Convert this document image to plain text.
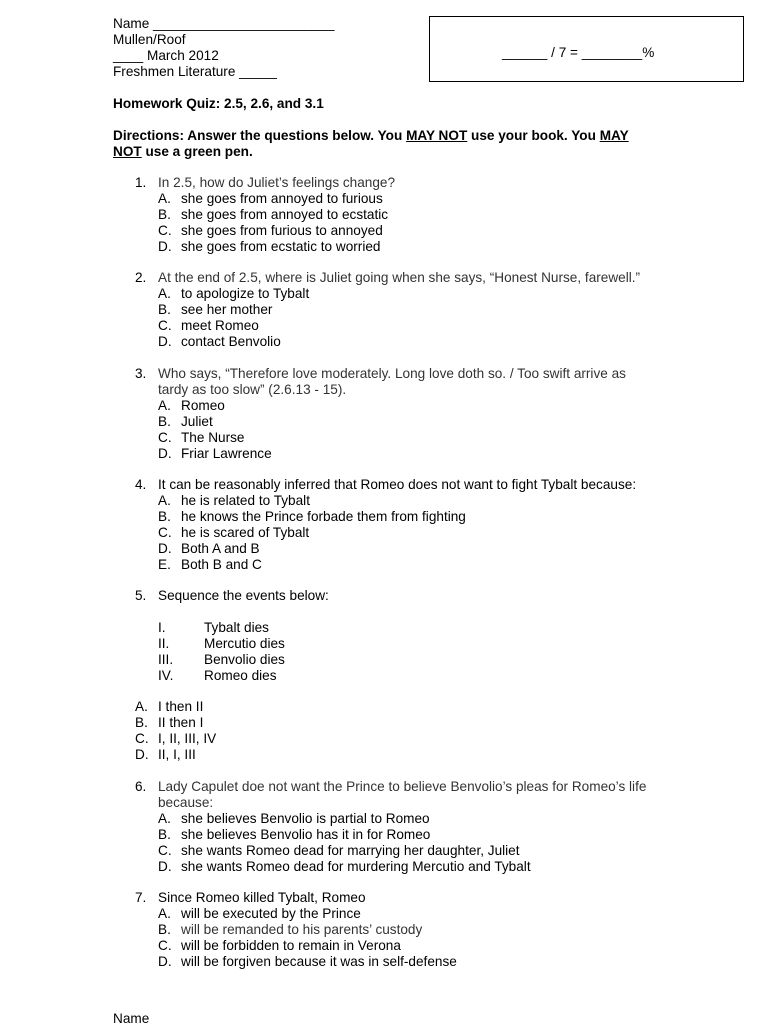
Name ________________________
Mullen/Roof
____ March 2012
Freshmen Literature _____
______ / 7 = ________%
Homework Quiz: 2.5, 2.6, and 3.1
Directions: Answer the questions below. You MAY NOT use your book. You MAY
NOT use a green pen.
1. In 2.5, how do Juliet’s feelings change?
A. she goes from annoyed to furious
B. she goes from annoyed to ecstatic
C. she goes from furious to annoyed
D. she goes from ecstatic to worried
2. At the end of 2.5, where is Juliet going when she says, “Honest Nurse, farewell.”
A. to apologize to Tybalt
B. see her mother
C. meet Romeo
D. contact Benvolio
3. Who says, “Therefore love moderately. Long love doth so. / Too swift arrive as tardy as too slow” (2.6.13 - 15).
A. Romeo
B. Juliet
C. The Nurse
D. Friar Lawrence
4. It can be reasonably inferred that Romeo does not want to fight Tybalt because:
A. he is related to Tybalt
B. he knows the Prince forbade them from fighting
C. he is scared of Tybalt
D. Both A and B
E. Both B and C
5. Sequence the events below:
I.	Tybalt dies
II.	Mercutio dies
III.	Benvolio dies
IV.	Romeo dies
A. I then II
B. II then I
C. I, II, III, IV
D. II, I, III
6. Lady Capulet doe not want the Prince to believe Benvolio’s pleas for Romeo’s life because:
A. she believes Benvolio is partial to Romeo
B. she believes Benvolio has it in for Romeo
C. she wants Romeo dead for marrying her daughter, Juliet
D. she wants Romeo dead for murdering Mercutio and Tybalt
7. Since Romeo killed Tybalt, Romeo
A. will be executed by the Prince
B. will be remanded to his parents’ custody
C. will be forbidden to remain in Verona
D. will be forgiven because it was in self-defense
Name
